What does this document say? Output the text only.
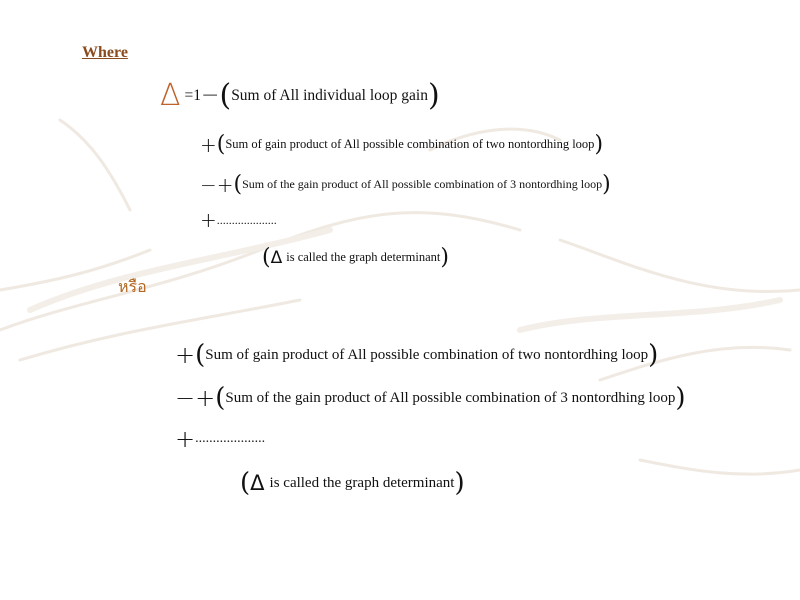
Where
Δ =1 − ( Sum of All individual loop gain )
+ ( Sum of gain product of All possible combination of two nontordhing loop )
−+ ( Sum of the gain product of All possible combination of 3 nontordhing loop )
+ ....................
( Δ is called the graph determinant )
หรือ
+ ( Sum of gain product of All possible combination of two nontordhing loop )
−+ ( Sum of the gain product of All possible combination of 3 nontordhing loop )
+ ....................
( Δ is called the graph determinant )
